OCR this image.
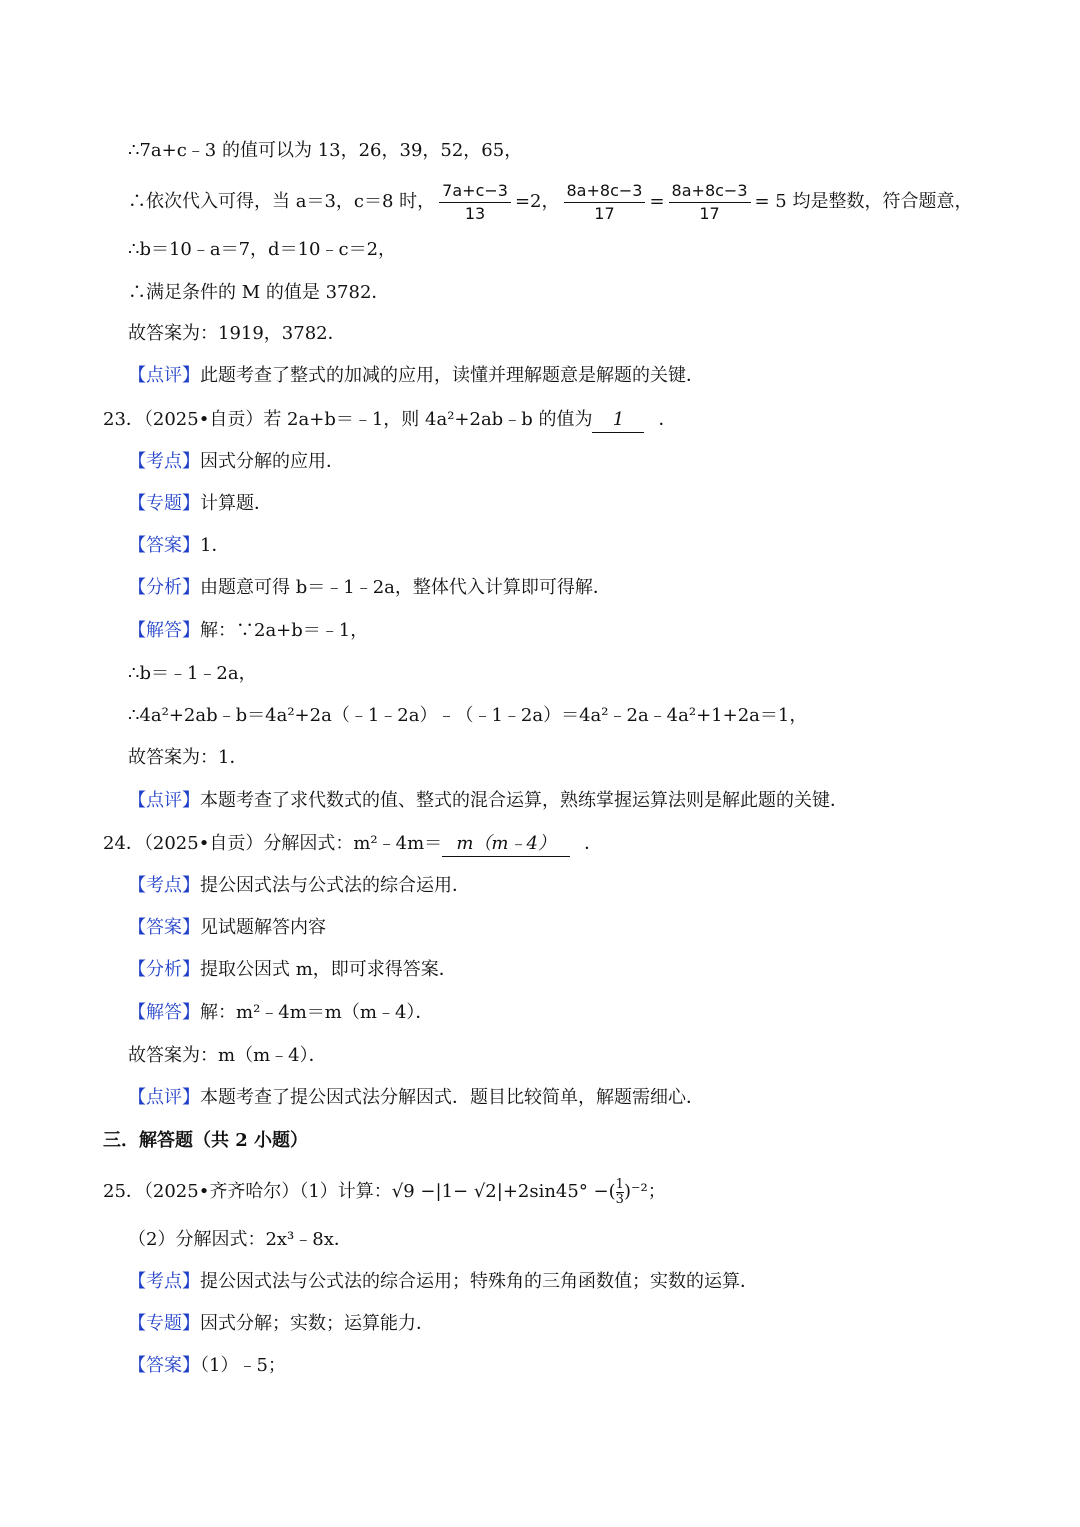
∴7a+c﹣3 的值可以为 13，26，39，52，65，
∴依次代入可得，当 a＝3，c＝8 时， $\frac{7a+c-3}{13} =2$， $\frac{8a+8c-3}{17} = \frac{8a+8c-3}{17} = 5$ 均是整数，符合题意，
∴b＝10﹣a＝7，d＝10﹣c＝2，
∴满足条件的 M 的值是 3782．
故答案为：1919，3782．
【点评】此题考查了整式的加减的应用，读懂并理解题意是解题的关键．
23．（2025•自贡）若 2a+b＝﹣1，则 4a²+2ab﹣b 的值为 1 ．
【考点】因式分解的应用．
【专题】计算题．
【答案】1．
【分析】由题意可得 b＝﹣1﹣2a，整体代入计算即可得解．
【解答】解：∵2a+b＝﹣1，
∴b＝﹣1﹣2a，
∴4a²+2ab﹣b＝4a²+2a（﹣1﹣2a）﹣（﹣1﹣2a）＝4a²﹣2a﹣4a²+1+2a＝1，
故答案为：1．
【点评】本题考查了求代数式的值、整式的混合运算，熟练掌握运算法则是解此题的关键．
24．（2025•自贡）分解因式：m²﹣4m＝ m（m﹣4） ．
【考点】提公因式法与公式法的综合运用．
【答案】见试题解答内容
【分析】提取公因式 m，即可求得答案．
【解答】解：m²﹣4m＝m（m﹣4）．
故答案为：m（m﹣4）．
【点评】本题考查了提公因式法分解因式．题目比较简单，解题需细心．
三．解答题（共 2 小题）
25．（2025•齐齐哈尔）（1）计算：√9 −|1− √2|+2sin45° −( $\frac{1}{3})^{-2}$；
（2）分解因式：2x³﹣8x．
【考点】提公因式法与公式法的综合运用；特殊角的三角函数值；实数的运算．
【专题】因式分解；实数；运算能力．
【答案】（1）﹣5；
